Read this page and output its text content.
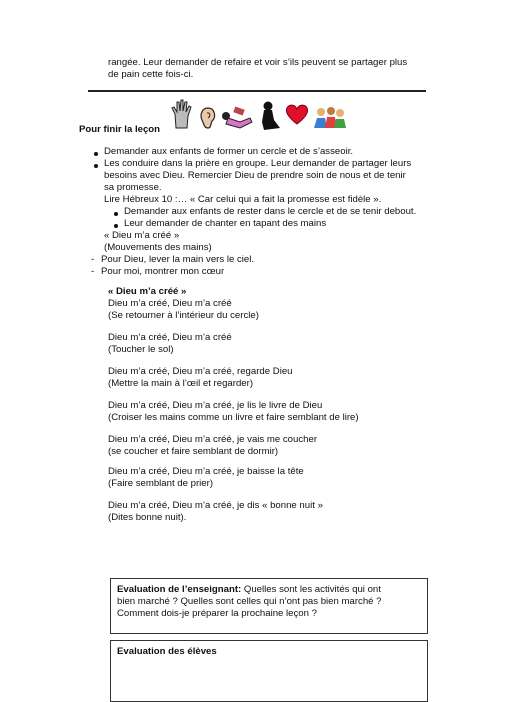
rangée. Leur demander de refaire et voir s’ils peuvent se partager plus
de pain cette fois-ci.
Pour finir la leçon
Demander aux enfants de former un cercle et de s’asseoir.
Les conduire dans la prière en groupe. Leur demander de partager leurs
besoins avec Dieu. Remercier Dieu de prendre soin de nous et de tenir
sa promesse.
Lire Hébreux 10 :… « Car celui qui a fait la promesse est fidèle ».
Demander aux enfants de rester dans le cercle et de se tenir debout.
Leur demander de chanter en tapant des mains
« Dieu m’a créé »
(Mouvements des mains)
- Pour Dieu, lever la main vers le ciel.
- Pour moi, montrer mon cœur
« Dieu m’a créé »
Dieu m’a créé, Dieu m’a créé
(Se retourner à l’intérieur du cercle)
Dieu m’a créé, Dieu m’a créé
(Toucher le sol)
Dieu m’a créé, Dieu m’a créé, regarde Dieu
(Mettre la main à l’œil et regarder)
Dieu m’a créé, Dieu m’a créé, je lis le livre de Dieu
(Croiser les mains comme un livre et faire semblant de lire)
Dieu m’a créé, Dieu m’a créé, je vais me coucher
(se coucher et faire semblant de dormir)
Dieu m’a créé, Dieu m’a créé, je baisse la tête
(Faire semblant de prier)
Dieu m’a créé, Dieu m’a créé, je dis « bonne nuit »
(Dites bonne nuit).
Evaluation de l’enseignant: Quelles sont les activités qui ont
bien marché ? Quelles sont celles qui n’ont pas bien marché ?
Comment dois-je préparer la prochaine leçon ?
Evaluation des élèves
